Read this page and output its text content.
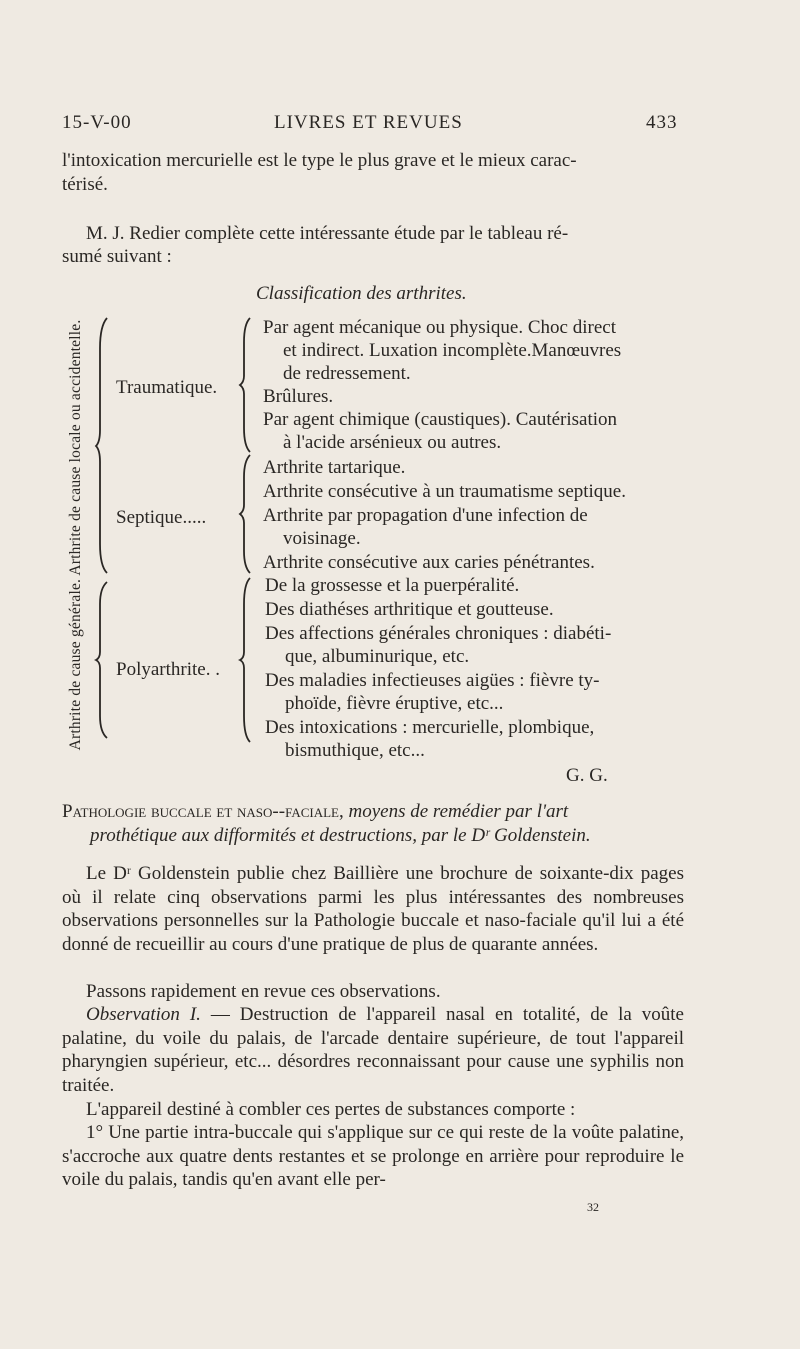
15-V-00	LIVRES ET REVUES	433
l'intoxication mercurielle est le type le plus grave et le mieux carac-
térisé.
M. J. Redier complète cette intéressante étude par le tableau ré-
sumé suivant :
Classification des arthrites.
Arthrite de cause générale. Arthrite de cause locale ou accidentelle. Traumatique.
Septique.....
Polyarthrite. .
Par agent mécanique ou physique. Choc direct
et indirect. Luxation incomplète.Manœuvres
de redressement.
Brûlures.
Par agent chimique (caustiques). Cautérisation
à l'acide arsénieux ou autres.
Arthrite tartarique.
Arthrite consécutive à un traumatisme septique.
Arthrite par propagation d'une infection de
voisinage.
Arthrite consécutive aux caries pénétrantes.
De la grossesse et la puerpéralité.
Des diathéses arthritique et goutteuse.
Des affections générales chroniques : diabéti-
que, albuminurique, etc.
Des maladies infectieuses aigües : fièvre ty-
phoïde, fièvre éruptive, etc...
Des intoxications : mercurielle, plombique,
bismuthique, etc...
G. G.
Pathologie buccale et naso--faciale, moyens de remédier par l'art
prothétique aux difformités et destructions, par le Dʳ Goldenstein.
Le Dʳ Goldenstein publie chez Baillière une brochure de soixante-dix pages où il relate cinq observations parmi les plus intéressantes des nombreuses observations personnelles sur la Pathologie buccale et naso-faciale qu'il lui a été donné de recueillir au cours d'une pratique de plus de quarante années.
Passons rapidement en revue ces observations.
Observation I. — Destruction de l'appareil nasal en totalité, de la voûte palatine, du voile du palais, de l'arcade dentaire supérieure, de tout l'appareil pharyngien supérieur, etc... désordres reconnaissant pour cause une syphilis non traitée.
L'appareil destiné à combler ces pertes de substances comporte :
1° Une partie intra-buccale qui s'applique sur ce qui reste de la voûte palatine, s'accroche aux quatre dents restantes et se prolonge en arrière pour reproduire le voile du palais, tandis qu'en avant elle per-
32
